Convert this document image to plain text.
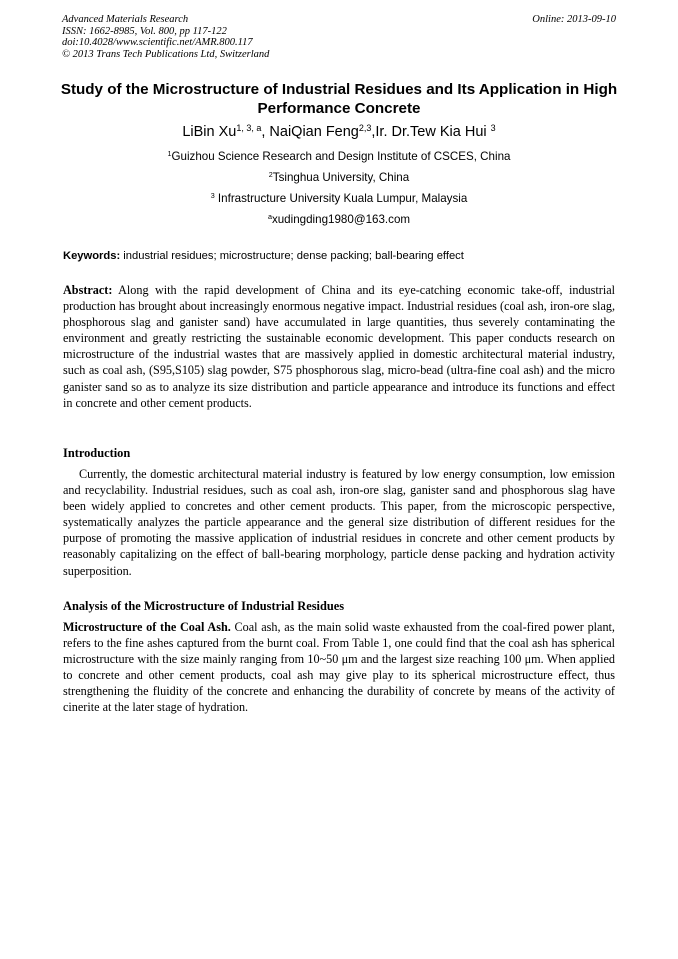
Advanced Materials Research
ISSN: 1662-8985, Vol. 800, pp 117-122
doi:10.4028/www.scientific.net/AMR.800.117
© 2013 Trans Tech Publications Ltd, Switzerland
Online: 2013-09-10
Study of the Microstructure of Industrial Residues and Its Application in High Performance Concrete
LiBin Xu$^{1, 3, a}$, NaiQian Feng$^{2,3}$,Ir. Dr.Tew Kia Hui $^3$
$^1$Guizhou Science Research and Design Institute of CSCES, China
$^2$Tsinghua University, China
$^3$ Infrastructure University Kuala Lumpur, Malaysia
$^a$xudingding1980@163.com
Keywords: industrial residues; microstructure; dense packing; ball-bearing effect
Abstract: Along with the rapid development of China and its eye-catching economic take-off, industrial production has brought about increasingly enormous negative impact. Industrial residues (coal ash, iron-ore slag, phosphorous slag and ganister sand) have accumulated in large quantities, thus severely contaminating the environment and greatly restricting the sustainable economic development. This paper conducts research on microstructure of the industrial wastes that are massively applied in domestic architectural material industry, such as coal ash, (S95,S105) slag powder, S75 phosphorous slag, micro-bead (ultra-fine coal ash) and the micro ganister sand so as to analyze its size distribution and particle appearance and introduce its functions and effect in concrete and other cement products.
Introduction
Currently, the domestic architectural material industry is featured by low energy consumption, low emission and recyclability. Industrial residues, such as coal ash, iron-ore slag, ganister sand and phosphorous slag have been widely applied to concretes and other cement products. This paper, from the microscopic perspective, systematically analyzes the particle appearance and the general size distribution of different residues for the purpose of promoting the massive application of industrial residues in concrete and other cement products by reasonably capitalizing on the effect of ball-bearing morphology, particle dense packing and hydration activity superposition.
Analysis of the Microstructure of Industrial Residues
Microstructure of the Coal Ash. Coal ash, as the main solid waste exhausted from the coal-fired power plant, refers to the fine ashes captured from the burnt coal. From Table 1, one could find that the coal ash has spherical microstructure with the size mainly ranging from 10~50 μm and the largest size reaching 100 μm. When applied to concrete and other cement products, coal ash may give play to its spherical microstructure effect, thus strengthening the fluidity of the concrete and enhancing the durability of concrete by means of the activity of cinerite at the later stage of hydration.
